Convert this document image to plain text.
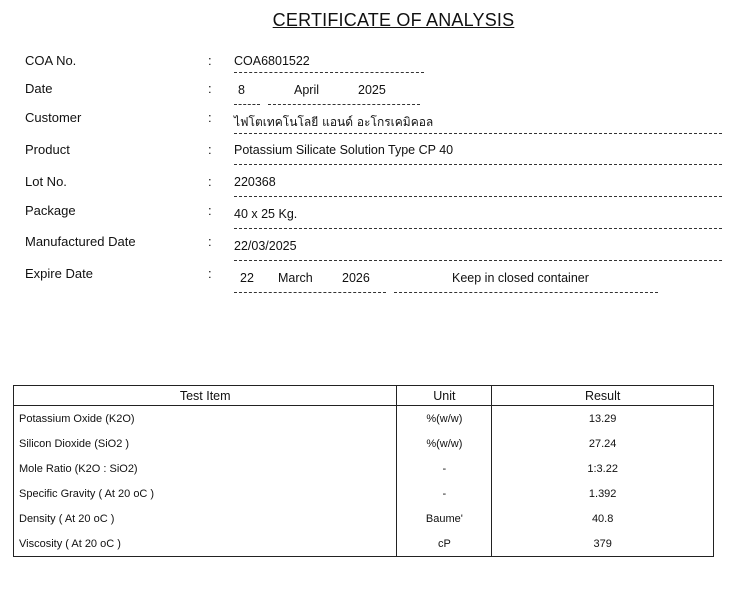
CERTIFICATE OF ANALYSIS
COA No.	: COA6801522
Date	: 8	April	2025
Customer	: ไฟโตเทคโนโลยี แอนด์ อะโกรเคมิคอล
Product	: Potassium Silicate Solution Type CP 40
Lot No.	: 220368
Package	: 40 x 25 Kg.
Manufactured Date	: 22/03/2025
Expire Date	: 22 March 2026	Keep in closed container
Test Item	Unit	Result
Potassium Oxide (K2O)	%(w/w)	13.29
Silicon Dioxide (SiO2 )	%(w/w)	27.24
Mole Ratio (K2O : SiO2)	-	1:3.22
Specific Gravity ( At 20 oC )	-	1.392
Density ( At 20 oC )	Baume'	40.8
Viscosity ( At 20 oC )	cP	379
